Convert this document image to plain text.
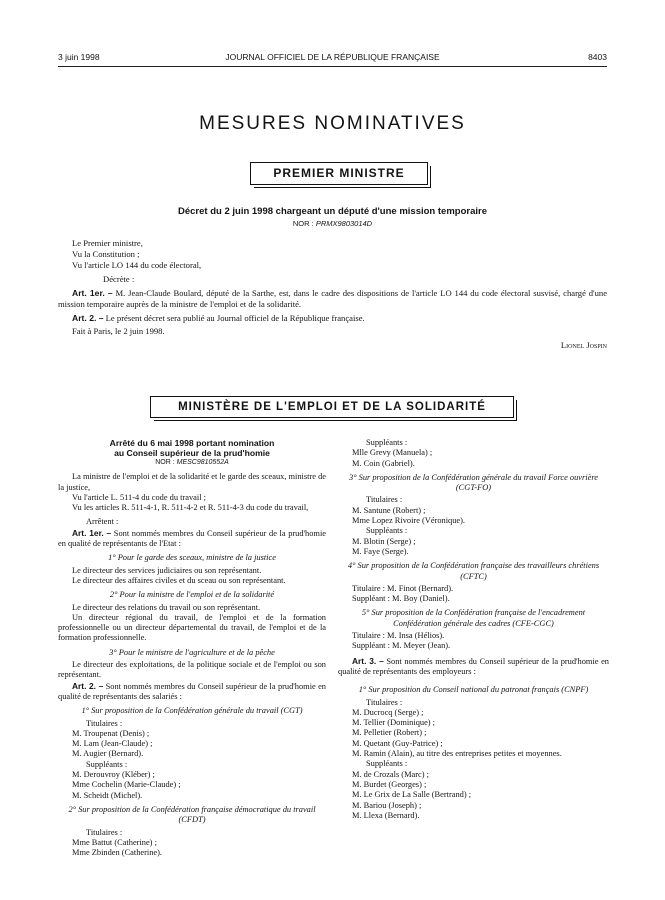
3 juin 1998	JOURNAL OFFICIEL DE LA RÉPUBLIQUE FRANÇAISE	8403
MESURES NOMINATIVES
PREMIER MINISTRE
Décret du 2 juin 1998 chargeant un député d'une mission temporaire
NOR : PRMX9803014D

Le Premier ministre,

Vu la Constitution ;

Vu l'article LO 144 du code électoral,

Décrète :

Art. 1er. – M. Jean-Claude Boulard, député de la Sarthe, est, dans le cadre des dispositions de l'article LO 144 du code électoral susvisé, chargé d'une mission temporaire auprès de la ministre de l'emploi et de la solidarité.

Art. 2. – Le présent décret sera publié au Journal officiel de la République française.

Fait à Paris, le 2 juin 1998.

Lionel Jospin

MINISTÈRE DE L'EMPLOI ET DE LA SOLIDARITÉ

Arrêté du 6 mai 1998 portant nomination

au Conseil supérieur de la prud'homie

NOR : MESC9810552A

La ministre de l'emploi et de la solidarité et le garde des sceaux, ministre de la justice,

Vu l'article L. 511-4 du code du travail ;

Vu les articles R. 511-4-1, R. 511-4-2 et R. 511-4-3 du code du travail,

Arrêtent :

Art. 1er. – Sont nommés membres du Conseil supérieur de la prud'homie en qualité de représentants de l'Etat :

1° Pour le garde des sceaux, ministre de la justice

Le directeur des services judiciaires ou son représentant.

Le directeur des affaires civiles et du sceau ou son représentant.

2° Pour la ministre de l'emploi et de la solidarité

Le directeur des relations du travail ou son représentant.

Un directeur régional du travail, de l'emploi et de la formation professionnelle ou un directeur départemental du travail, de l'emploi et de la formation professionnelle.

3° Pour le ministre de l'agriculture et de la pêche

Le directeur des exploitations, de la politique sociale et de l'emploi ou son représentant.

Art. 2. – Sont nommés membres du Conseil supérieur de la prud'homie en qualité de représentants des salariés :

1° Sur proposition de la Confédération générale du travail (CGT)

Titulaires :

M. Troupenat (Denis) ;

M. Lam (Jean-Claude) ;

M. Augier (Bernard).

Suppléants :

M. Derouvroy (Kléber) ;

Mme Cochelin (Marie-Claude) ;

M. Scheidt (Michel).

2° Sur proposition de la Confédération française démocratique du travail (CFDT)

Titulaires :

Mme Battut (Catherine) ;

Mme Zbinden (Catherine).

Suppléants :

Mlle Grevy (Manuela) ;

M. Coin (Gabriel).

3° Sur proposition de la Confédération générale du travail Force ouvrière (CGT-FO)

Titulaires :

M. Santune (Robert) ;

Mme Lopez Rivoire (Véronique).

Suppléants :

M. Blotin (Serge) ;

M. Faye (Serge).

4° Sur proposition de la Confédération française des travailleurs chrétiens (CFTC)

Titulaire : M. Finot (Bernard).

Suppléant : M. Boy (Daniel).

5° Sur proposition de la Confédération française de l'encadrement Confédération générale des cadres (CFE-CGC)

Titulaire : M. Insa (Hélios).

Suppléant : M. Meyer (Jean).

Art. 3. – Sont nommés membres du Conseil supérieur de la prud'homie en qualité de représentants des employeurs :

1° Sur proposition du Conseil national du patronat français (CNPF)

Titulaires :

M. Ducrocq (Serge) ;

M. Tellier (Dominique) ;

M. Pelletier (Robert) ;

M. Quetant (Guy-Patrice) ;

M. Ramin (Alain), au titre des entreprises petites et moyennes.

Suppléants :

M. de Crozals (Marc) ;

M. Burdet (Georges) ;

M. Le Grix de La Salle (Bertrand) ;

M. Bariou (Joseph) ;

M. Llexa (Bernard).
